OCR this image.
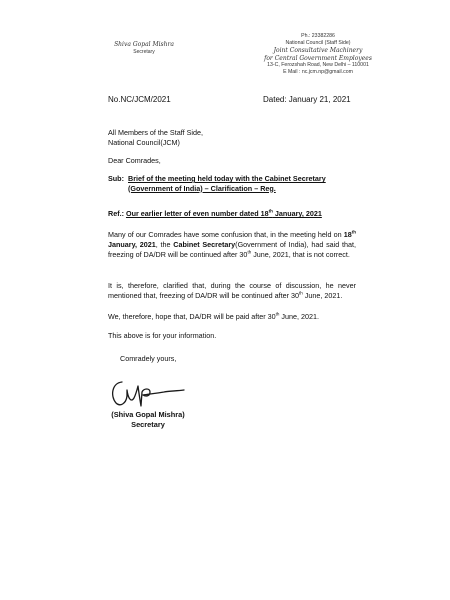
Shiva Gopal Mishra
Secretary
Ph.: 23382286
National Council (Staff Side)
Joint Consultative Machinery
for Central Government Employees
13-C, Ferozshah Road, New Delhi – 110001
E Mail : nc.jcm.np@gmail.com
No.NC/JCM/2021	Dated: January 21, 2021
All Members of the Staff Side,
National Council(JCM)
Dear Comrades,
Sub: Brief of the meeting held today with the Cabinet Secretary
(Government of India) – Clarification – Reg.
Ref.: Our earlier letter of even number dated 18th January, 2021
Many of our Comrades have some confusion that, in the meeting held on 18th January, 2021, the Cabinet Secretary(Government of India), had said that, freezing of DA/DR will be continued after 30th June, 2021, that is not correct.
It is, therefore, clarified that, during the course of discussion, he never mentioned that, freezing of DA/DR will be continued after 30th June, 2021.
We, therefore, hope that, DA/DR will be paid after 30th June, 2021.
This above is for your information.
Comradely yours,
(Shiva Gopal Mishra)
Secretary
